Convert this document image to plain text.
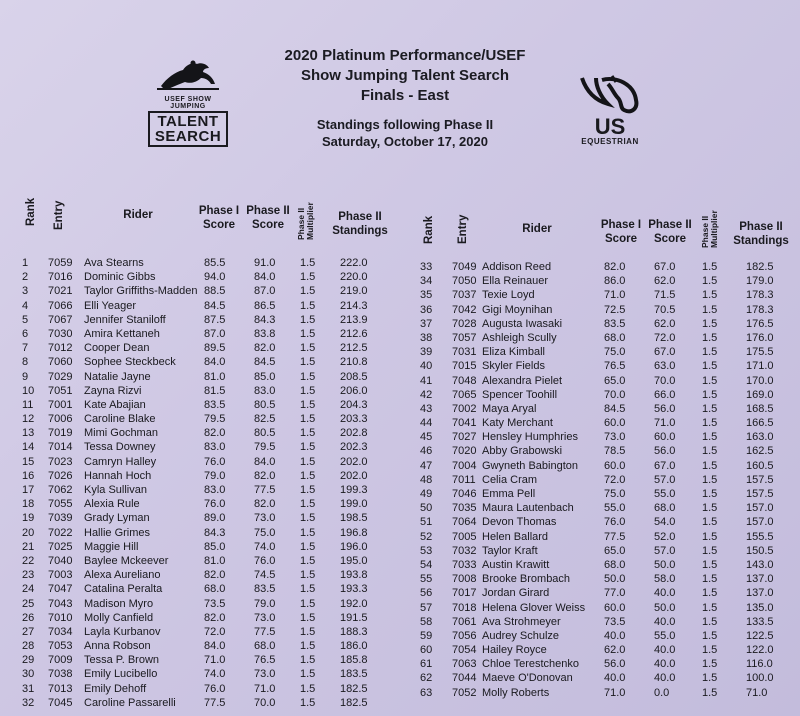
USEF SHOW JUMPING
TALENT
SEARCH
2020 Platinum Performance/USEF
Show Jumping Talent Search
Finals - East
Standings following Phase II
Saturday, October 17, 2020
US
EQUESTRIAN
Rank Entry	Rider	Phase I
Score
Phase II
Score	Phase II Multiplier	Phase II
Standings
1 7059 Ava Stearns	85.5	91.0 1.5 222.0
2 7016 Dominic Gibbs	94.0	84.0 1.5 220.0
3 7021 Taylor Griffiths-Madden 88.5	87.0 1.5 219.0
4 7066 Elli Yeager	84.5	86.5 1.5 214.3
5 7067 Jennifer Staniloff	87.5	84.3 1.5 213.9
6 7030 Amira Kettaneh	87.0	83.8 1.5 212.6
7 7012 Cooper Dean	89.5	82.0 1.5 212.5
8 7060 Sophee Steckbeck	84.0	84.5 1.5 210.8
9 7029 Natalie Jayne	81.0	85.0 1.5 208.5
10 7051 Zayna Rizvi	81.5	83.0 1.5 206.0
11 7001 Kate Abajian	83.5	80.5 1.5 204.3
12 7006 Caroline Blake	79.5	82.5 1.5 203.3
13 7019 Mimi Gochman	82.0	80.5 1.5 202.8
14 7014 Tessa Downey	83.0	79.5 1.5 202.3
15 7023 Camryn Halley	76.0	84.0 1.5 202.0
16 7026 Hannah Hoch	79.0	82.0 1.5 202.0
17 7062 Kyla Sullivan	83.0	77.5 1.5 199.3
18 7055 Alexia Rule	76.0	82.0 1.5 199.0
19 7039 Grady Lyman	89.0	73.0 1.5 198.5
20 7022 Hallie Grimes	84.3	75.0 1.5 196.8
21 7025 Maggie Hill	85.0	74.0 1.5 196.0
22 7040 Baylee Mckeever	81.0	76.0 1.5 195.0
23 7003 Alexa Aureliano	82.0	74.5 1.5 193.8
24 7047 Catalina Peralta	68.0	83.5 1.5 193.3
25 7043 Madison Myro	73.5	79.0 1.5 192.0
26 7010 Molly Canfield	82.0	73.0 1.5 191.5
27 7034 Layla Kurbanov	72.0	77.5 1.5 188.3
28 7053 Anna Robson	84.0	68.0 1.5 186.0
29 7009 Tessa P. Brown	71.0	76.5 1.5 185.8
30 7038 Emily Lucibello	74.0	73.0 1.5 183.5
31 7013 Emily Dehoff	76.0	71.0 1.5 182.5
32 7045 Caroline Passarelli	77.5	70.0 1.5 182.5
Rank Entry	Rider	Phase I
Score
Phase II
Score	Phase II Multiplier	Phase II
Standings
33 7049 Addison Reed	82.0	67.0 1.5	182.5
34 7050 Ella Reinauer	86.0	62.0 1.5	179.0
35 7037 Texie Loyd	71.0	71.5 1.5	178.3
36 7042 Gigi Moynihan	72.5	70.5 1.5	178.3
37 7028 Augusta Iwasaki	83.5	62.0 1.5	176.5
38 7057 Ashleigh Scully	68.0	72.0 1.5	176.0
39 7031 Eliza Kimball	75.0	67.0 1.5	175.5
40 7015 Skyler Fields	76.5	63.0 1.5	171.0
41 7048 Alexandra Pielet	65.0	70.0 1.5	170.0
42 7065 Spencer Toohill	70.0	66.0 1.5	169.0
43 7002 Maya Aryal	84.5	56.0 1.5	168.5
44 7041 Katy Merchant	60.0	71.0 1.5	166.5
45 7027 Hensley Humphries 73.0	60.0 1.5	163.0
46 7020 Abby Grabowski	78.5	56.0 1.5	162.5
47 7004 Gwyneth Babington 60.0	67.0 1.5	160.5
48 7011 Celia Cram	72.0	57.0 1.5	157.5
49 7046 Emma Pell	75.0	55.0 1.5	157.5
50 7035 Maura Lautenbach	55.0	68.0 1.5	157.0
51 7064 Devon Thomas	76.0	54.0 1.5	157.0
52 7005 Helen Ballard	77.5	52.0 1.5	155.5
53 7032 Taylor Kraft	65.0	57.0 1.5	150.5
54 7033 Austin Krawitt	68.0	50.0 1.5	143.0
55 7008 Brooke Brombach	50.0	58.0 1.5	137.0
56 7017 Jordan Girard	77.0	40.0 1.5	137.0
57 7018 Helena Glover Weiss 60.0	50.0 1.5	135.0
58 7061 Ava Strohmeyer	73.5	40.0 1.5	133.5
59 7056 Audrey Schulze	40.0	55.0 1.5	122.5
60 7054 Hailey Royce	62.0	40.0 1.5	122.0
61 7063 Chloe Terestchenko 56.0	40.0 1.5	116.0
62 7044 Maeve O'Donovan	40.0	40.0 1.5	100.0
63 7052 Molly Roberts	71.0	0.0	1.5	71.0
